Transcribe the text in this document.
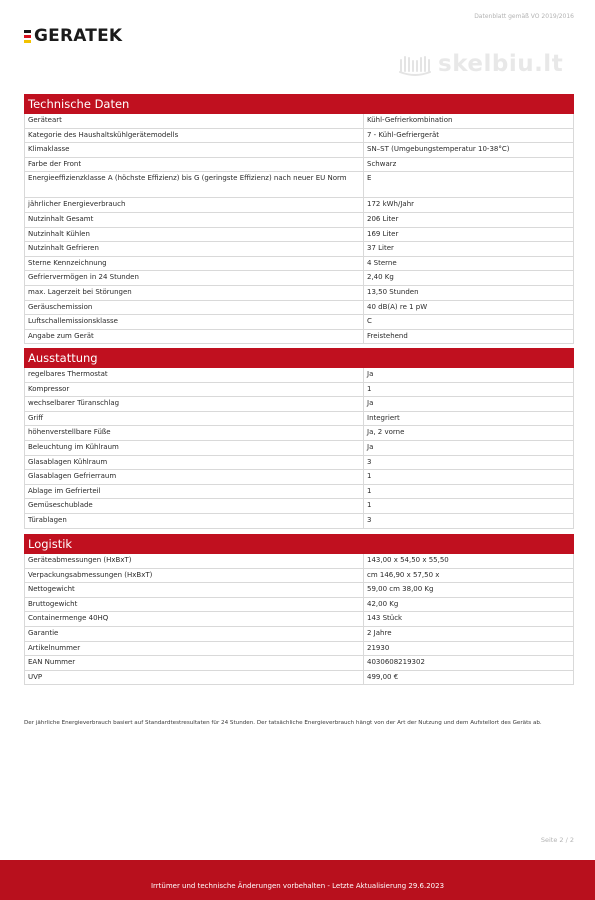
GERATEK
Datenblatt gemäß VO 2019/2016
skelbiu.lt
Technische Daten
Geräteart	Kühl-Gefrierkombination
Kategorie des Haushaltskühlgerätemodells	7 - Kühl-Gefriergerät
Klimaklasse	SN–ST (Umgebungstemperatur 10-38°C)
Farbe der Front	Schwarz
Energieeffizienzklasse A (höchste Effizienz) bis G (geringste Effizienz) nach neuer EU Norm	E
jährlicher Energieverbrauch	172 kWh/Jahr
Nutzinhalt Gesamt	206 Liter
Nutzinhalt Kühlen	169 Liter
Nutzinhalt Gefrieren	37 Liter
Sterne Kennzeichnung	4 Sterne
Gefriervermögen in 24 Stunden	2,40 Kg
max. Lagerzeit bei Störungen	13,50 Stunden
Geräuschemission	40 dB(A) re 1 pW
Luftschallemissionsklasse	C
Angabe zum Gerät	Freistehend
Ausstattung
regelbares Thermostat	Ja
Kompressor	1
wechselbarer Türanschlag	Ja
Griff	Integriert
höhenverstellbare Füße	Ja, 2 vorne
Beleuchtung im Kühlraum	Ja
Glasablagen Kühlraum	3
Glasablagen Gefrierraum	1
Ablage im Gefrierteil	1
Gemüseschublade	1
Türablagen	3
Logistik
Geräteabmessungen (HxBxT)	143,00 x 54,50 x 55,50
Verpackungsabmessungen (HxBxT)	cm 146,90 x 57,50 x
Nettogewicht	59,00 cm 38,00 Kg
Bruttogewicht	42,00 Kg
Containermenge 40HQ	143 Stück
Garantie	2 Jahre
Artikelnummer	21930
EAN Nummer	4030608219302
UVP	499,00 €
Der jährliche Energieverbrauch basiert auf Standardtestresultaten für 24 Stunden. Der tatsächliche Energieverbrauch hängt von der Art der Nutzung und dem Aufstellort des Geräts ab.
Seite 2 / 2
Irrtümer und technische Änderungen vorbehalten - Letzte Aktualisierung 29.6.2023
